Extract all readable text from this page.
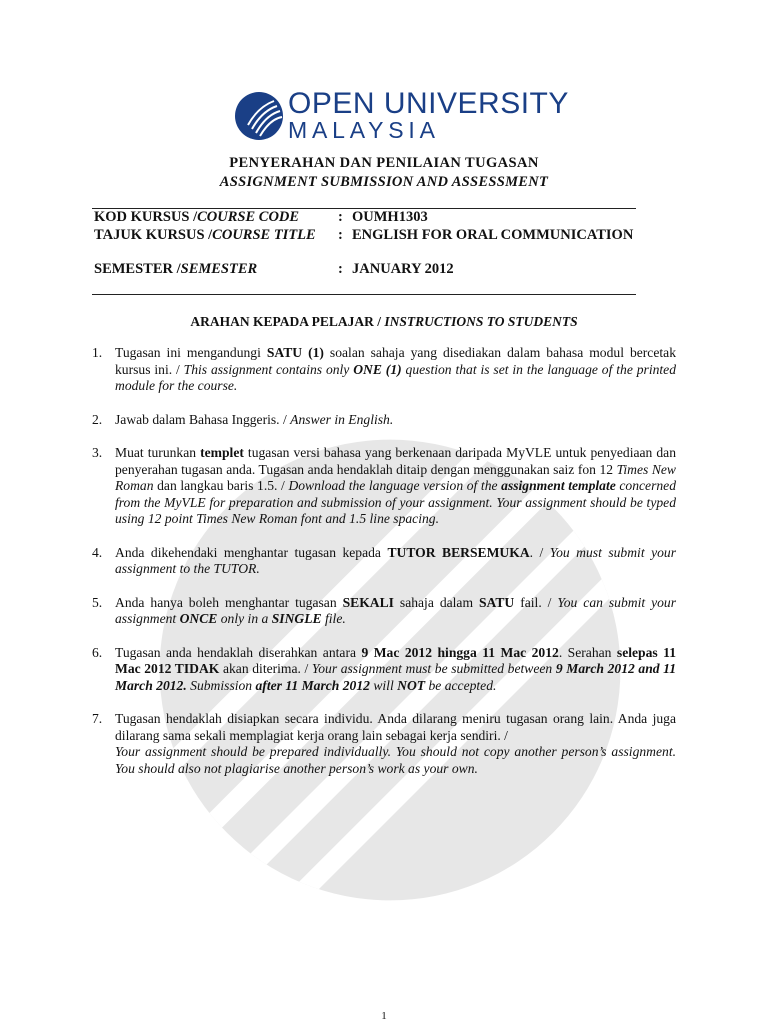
OPEN UNIVERSITY
MALAYSIA
PENYERAHAN DAN PENILAIAN TUGASAN
ASSIGNMENT SUBMISSION AND ASSESSMENT
KOD KURSUS /COURSE CODE	: OUMH1303
TAJUK KURSUS /COURSE TITLE : ENGLISH FOR ORAL COMMUNICATION
SEMESTER /SEMESTER	: JANUARY 2012
ARAHAN KEPADA PELAJAR / INSTRUCTIONS TO STUDENTS
1. Tugasan ini mengandungi SATU (1) soalan sahaja yang disediakan dalam bahasa modul bercetak kursus ini. / This assignment contains only ONE (1) question that is set in the language of the printed module for the course.
2. Jawab dalam Bahasa Inggeris. / Answer in English.
3. Muat turunkan templet tugasan versi bahasa yang berkenaan daripada MyVLE untuk penyediaan dan penyerahan tugasan anda. Tugasan anda hendaklah ditaip dengan menggunakan saiz fon 12 Times New Roman dan langkau baris 1.5. / Download the language version of the assignment template concerned from the MyVLE for preparation and submission of your assignment. Your assignment should be typed using 12 point Times New Roman font and 1.5 line spacing.
4. Anda dikehendaki menghantar tugasan kepada TUTOR BERSEMUKA. / You must submit your assignment to the TUTOR.
5. Anda hanya boleh menghantar tugasan SEKALI sahaja dalam SATU fail. / You can submit your assignment ONCE only in a SINGLE file.
6. Tugasan anda hendaklah diserahkan antara 9 Mac 2012 hingga 11 Mac 2012. Serahan selepas 11 Mac 2012 TIDAK akan diterima. / Your assignment must be submitted between 9 March 2012 and 11 March 2012. Submission after 11 March 2012 will NOT be accepted.
7. Tugasan hendaklah disiapkan secara individu. Anda dilarang meniru tugasan orang lain. Anda juga dilarang sama sekali memplagiat kerja orang lain sebagai kerja sendiri. /
Your assignment should be prepared individually. You should not copy another person’s assignment. You should also not plagiarise another person’s work as your own.
1
